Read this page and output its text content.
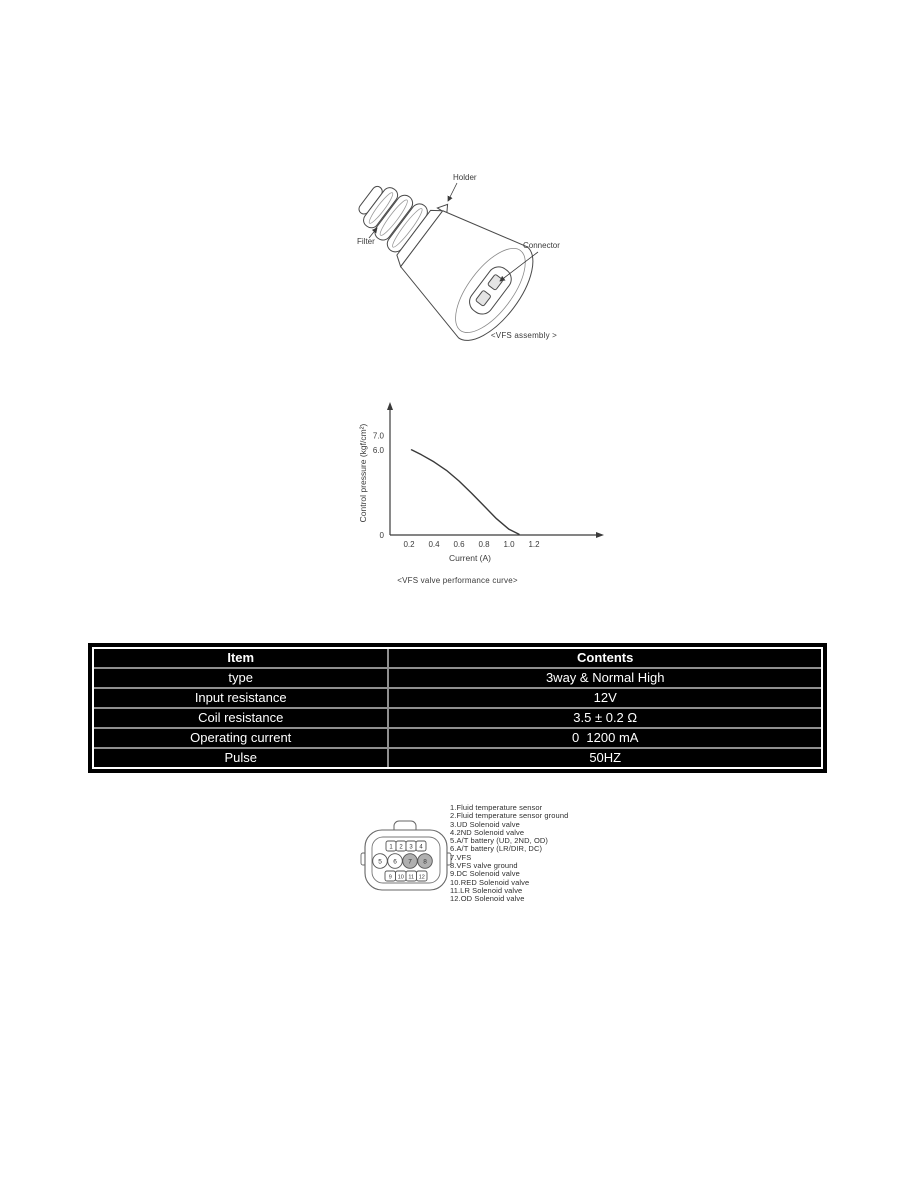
Holder
Filter	Connector
<VFS assembly >
Current (A)
Control pressure (kgf/cm²)
0.2 0.4 0.6 0.8 1.0 1.2
0
6.0
7.0
<VFS valve performance curve>
Item	Contents
type	3way & Normal High
Input resistance	12V
Coil resistance	3.5 ± 0.2 Ω
Operating current	0  1200 mA
Pulse	50HZ
1 2 3 4
5 6 7 8
9 10 11 12
1.Fluid temperature sensor
2.Fluid temperature sensor ground
3.UD Solenoid valve
4.2ND Solenoid valve
5.A/T battery (UD, 2ND, OD)
6.A/T battery (LR/DIR, DC)
7.VFS
8.VFS valve ground
9.DC Solenoid valve
10.RED Solenoid valve
11.LR Solenoid valve
12.OD Solenoid valve
